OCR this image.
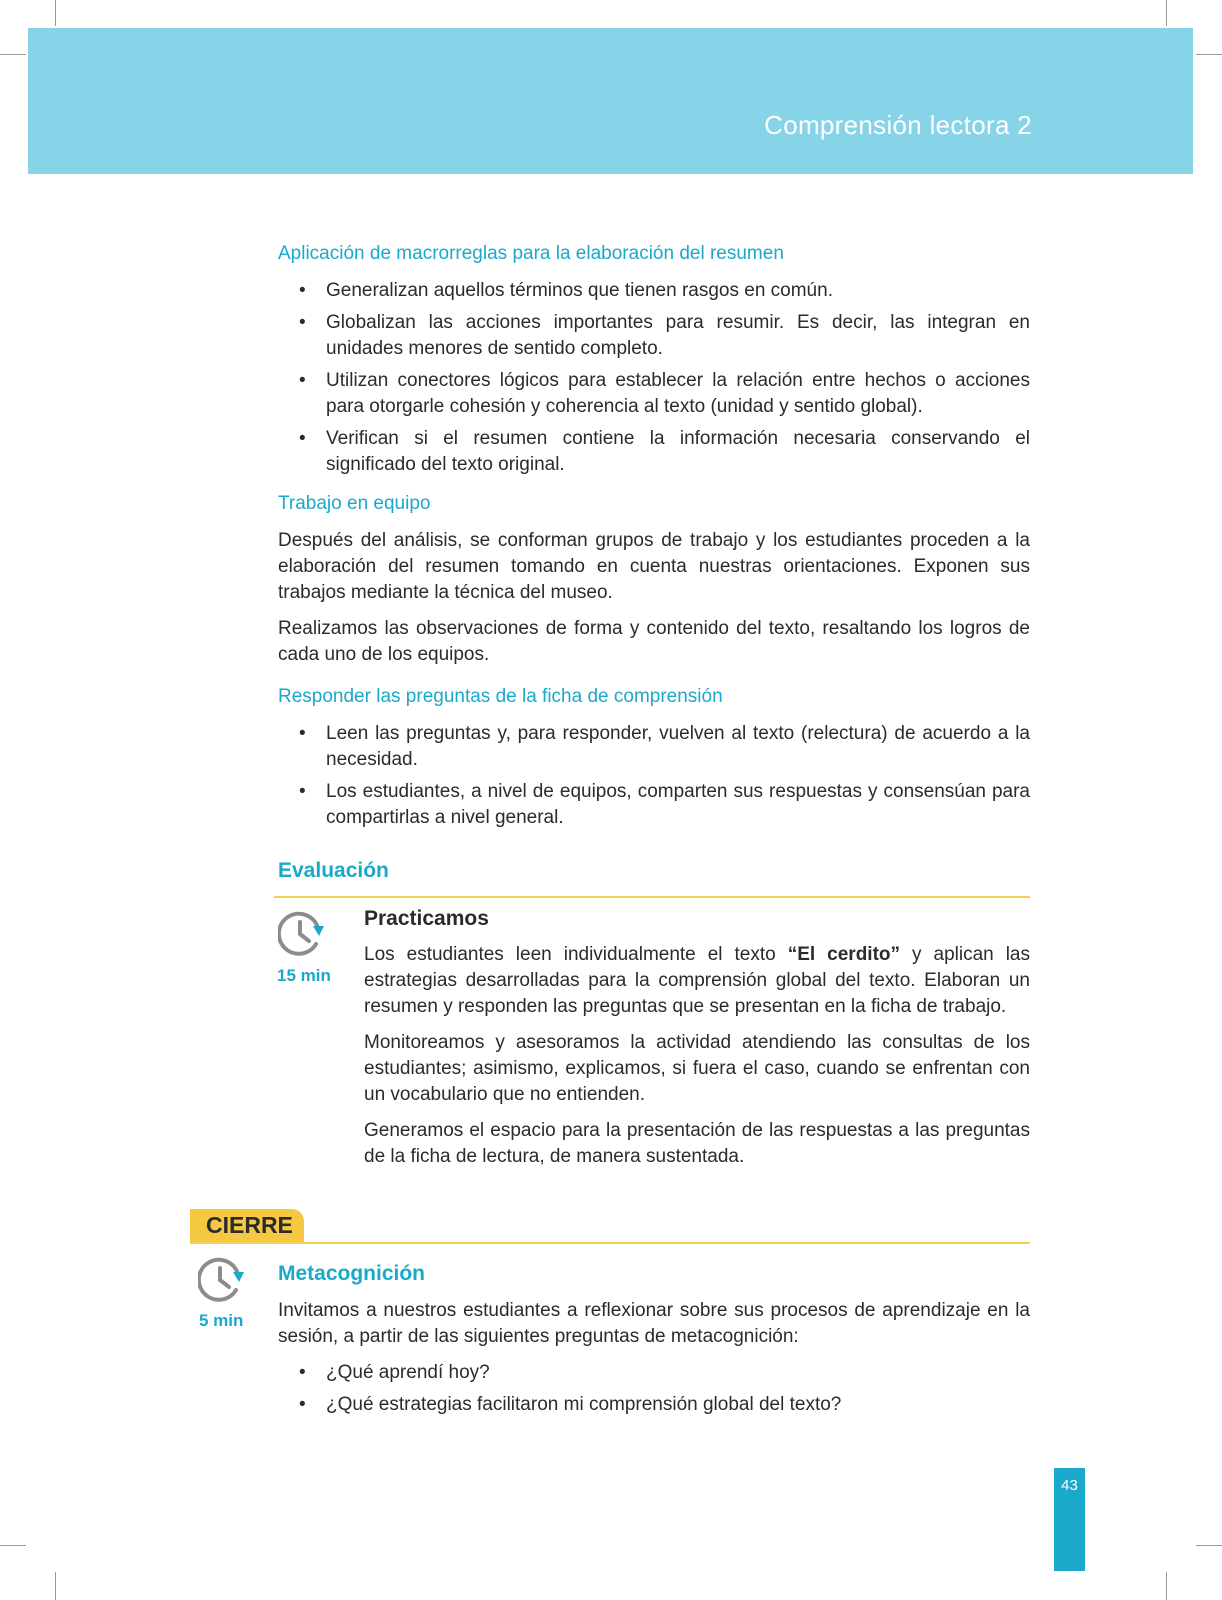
Comprensión lectora 2

Aplicación de macrorreglas para la elaboración del resumen

• Generalizan aquellos términos que tienen rasgos en común.
• Globalizan las acciones importantes para resumir. Es decir, las integran en unidades menores de sentido completo.
• Utilizan conectores lógicos para establecer la relación entre hechos o acciones para otorgarle cohesión y coherencia al texto (unidad y sentido global).
• Verifican si el resumen contiene la información necesaria conservando el significado del texto original.

Trabajo en equipo

Después del análisis, se conforman grupos de trabajo y los estudiantes proceden a la elaboración del resumen tomando en cuenta nuestras orientaciones. Exponen sus trabajos mediante la técnica del museo.

Realizamos las observaciones de forma y contenido del texto, resaltando los logros de cada uno de los equipos.

Responder las preguntas de la ficha de comprensión

• Leen las preguntas y, para responder, vuelven al texto (relectura) de acuerdo a la necesidad.
• Los estudiantes, a nivel de equipos, comparten sus respuestas y consensúan para compartirlas a nivel general.

Evaluación

15 min

Practicamos

Los estudiantes leen individualmente el texto “El cerdito” y aplican las estrategias desarrolladas para la comprensión global del texto. Elaboran un resumen y responden las preguntas que se presentan en la ficha de trabajo.

Monitoreamos y asesoramos la actividad atendiendo las consultas de los estudiantes; asimismo, explicamos, si fuera el caso, cuando se enfrentan con un vocabulario que no entienden.

Generamos el espacio para la presentación de las respuestas a las preguntas de la ficha de lectura, de manera sustentada.

CIERRE
5 min

Metacognición

Invitamos a nuestros estudiantes a reflexionar sobre sus procesos de aprendizaje en la sesión, a partir de las siguientes preguntas de metacognición:

• ¿Qué aprendí hoy?
• ¿Qué estrategias facilitaron mi comprensión global del texto?
43
